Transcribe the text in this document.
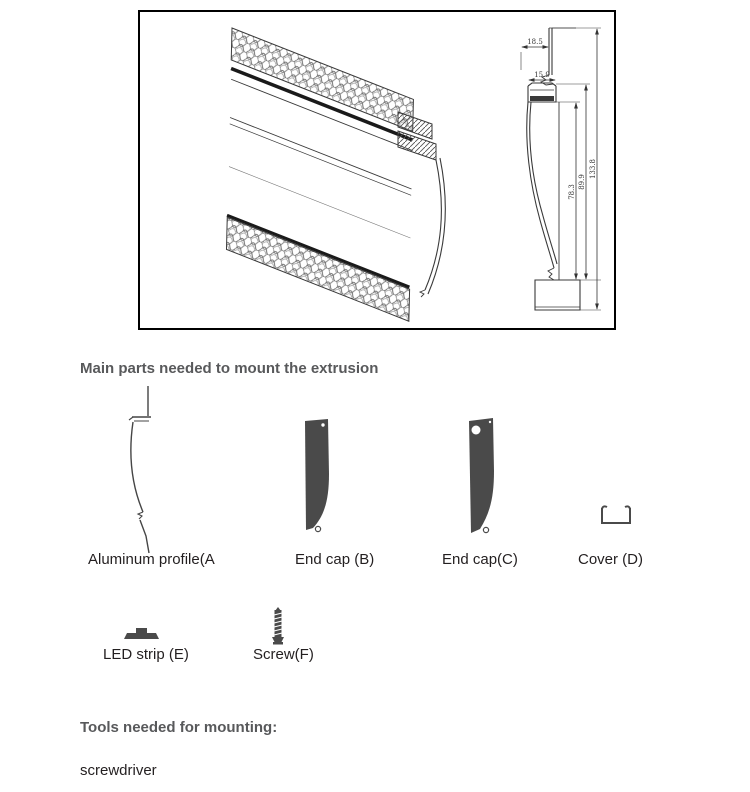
18.5
15.9
78.3
89.9
133.8
Main parts needed to mount the extrusion
Aluminum profile(A	End cap (B)	End cap(C)	Cover (D)
LED strip (E)	Screw(F)
Tools needed for mounting:
screwdriver
